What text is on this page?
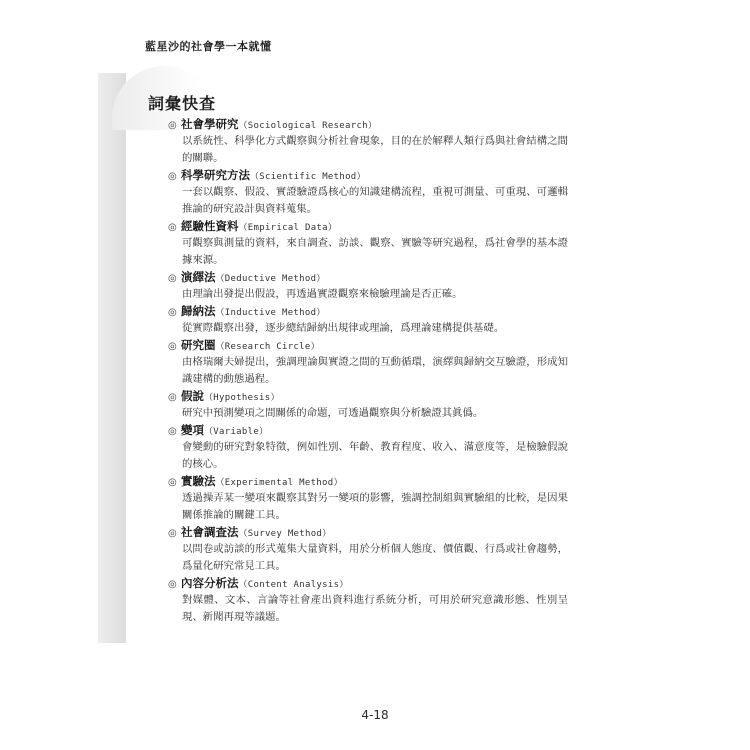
藍星沙的社會學一本就懂
詞彙快查
◎ 社會學研究（Sociological Research）

以系統性、科學化方式觀察與分析社會現象，目的在於解釋人類行爲與社會結構之間的關聯。

◎ 科學研究方法（Scientific Method）

一套以觀察、假設、實證驗證爲核心的知識建構流程，重視可測量、可重現、可邏輯推論的研究設計與資料蒐集。

◎ 經驗性資料（Empirical Data）

可觀察與測量的資料，來自調查、訪談、觀察、實驗等研究過程，爲社會學的基本證據來源。

◎ 演繹法（Deductive Method）

由理論出發提出假設，再透過實證觀察來檢驗理論是否正確。

◎ 歸納法（Inductive Method）

從實際觀察出發，逐步總結歸納出規律或理論，爲理論建構提供基礎。

◎ 研究圈（Research Circle）

由格瑞爾夫婦提出，強調理論與實證之間的互動循環，演繹與歸納交互驗證，形成知識建構的動態過程。

◎ 假說（Hypothesis）

研究中預測變項之間關係的命題，可透過觀察與分析驗證其眞僞。

◎ 變項（Variable）

會變動的研究對象特徵，例如性別、年齡、教育程度、收入、滿意度等，是檢驗假說的核心。

◎ 實驗法（Experimental Method）

透過操弄某一變項來觀察其對另一變項的影響，強調控制組與實驗組的比較，是因果關係推論的關鍵工具。

◎ 社會調查法（Survey Method）

以問卷或訪談的形式蒐集大量資料，用於分析個人態度、價值觀、行爲或社會趨勢，爲量化研究常見工具。

◎ 內容分析法（Content Analysis）

對媒體、文本、言論等社會產出資料進行系統分析，可用於研究意識形態、性別呈現、新聞再現等議題。

4-18
